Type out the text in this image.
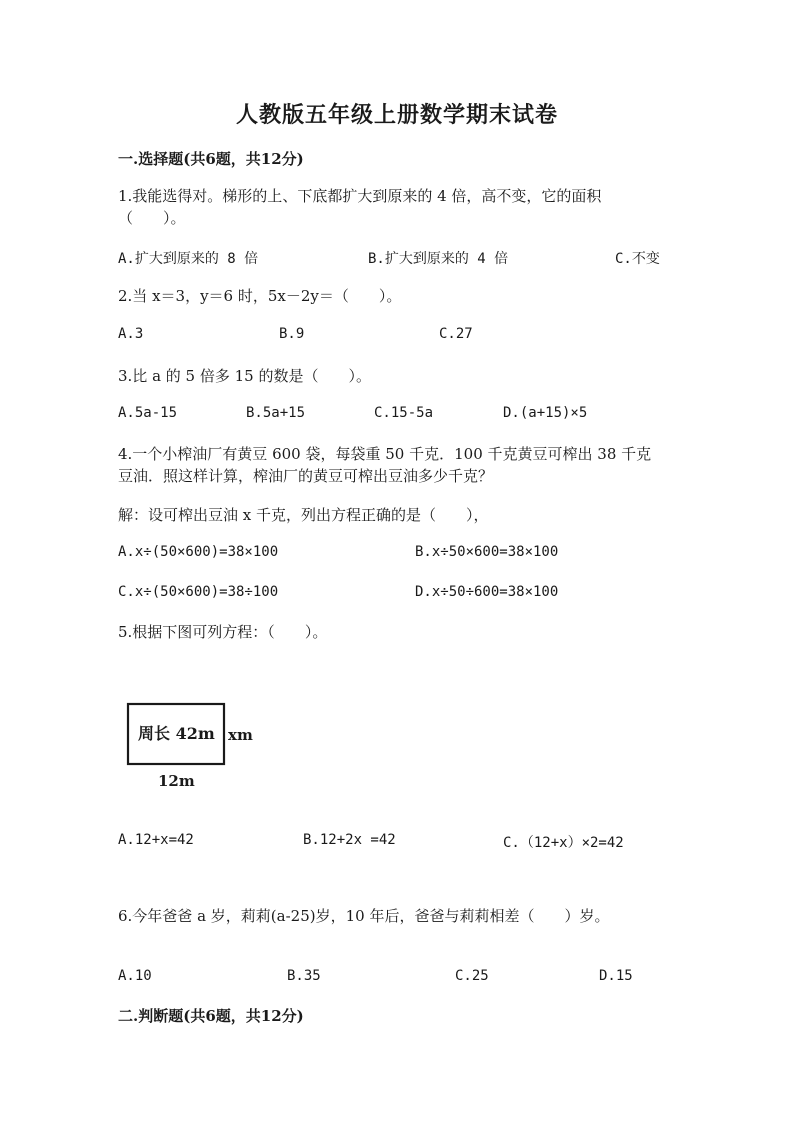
人教版五年级上册数学期末试卷
一.选择题(共6题，共12分)
1.我能选得对。梯形的上、下底都扩大到原来的 4 倍，高不变，它的面积
（　　）。
A.扩大到原来的 8 倍	B.扩大到原来的 4 倍	C.不变
2.当 x＝3，y＝6 时，5x－2y＝（　　）。
A.3	B.9	C.27
3.比 a 的 5 倍多 15 的数是（　　）。
A.5a-15	B.5a+15	C.15-5a	D.(a+15)×5
4.一个小榨油厂有黄豆 600 袋，每袋重 50 千克．100 千克黄豆可榨出 38 千克
豆油．照这样计算，榨油厂的黄豆可榨出豆油多少千克？
解：设可榨出豆油 x 千克，列出方程正确的是（　　），
A.x÷(50×600)=38×100	B.x÷50×600=38×100
C.x÷(50×600)=38÷100	D.x÷50÷600=38×100
5.根据下图可列方程：（　　）。
周长 42m xm
12m
A.12+x=42	B.12+2x =42	C.（12+x）×2=42
6.今年爸爸 a 岁，莉莉(a-25)岁，10 年后，爸爸与莉莉相差（　　）岁。
A.10	B.35	C.25	D.15
二.判断题(共6题，共12分)
